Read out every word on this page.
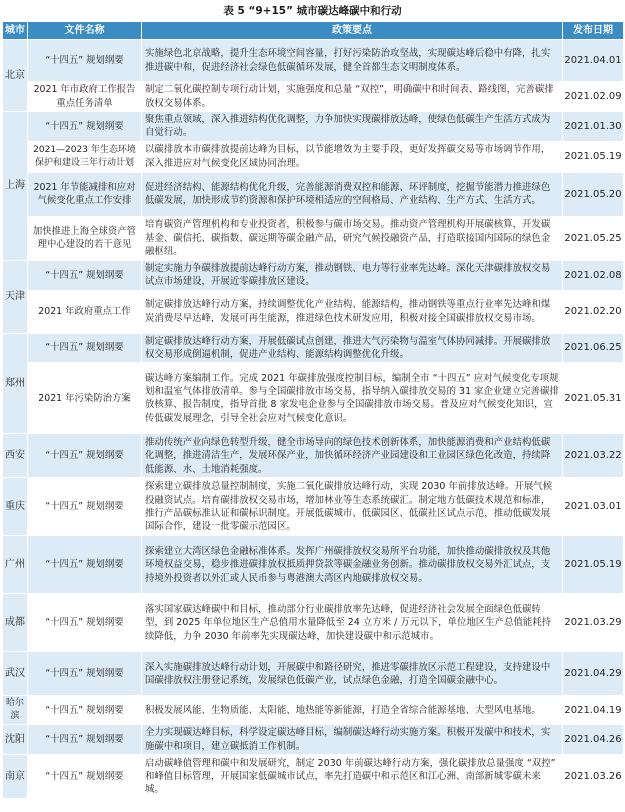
表 5 “9+15” 城市碳达峰碳中和行动
城市	文件名称	政策要点	发布日期
北京	“十四五” 规划纲要	实施绿色北京战略，提升生态环境空间容量，打好污染防治攻坚战，实现碳达峰后稳中有降，扎实推进碳中和，促进经济社会绿色低碳循环发展，健全首都生态文明制度体系。	2021.04.01
	2021 年市政府工作报告重点任务清单	制定二氧化碳控制专项行动计划，实施强度和总量 “双控”，明确碳中和时间表、路线图，完善碳排放权交易体系。	2021.02.09
上海	“十四五” 规划纲要	聚焦重点领域，深入推进结构优化调整，力争加快实现碳排放达峰，使绿色低碳生产生活方式成为自觉行动。	2021.01.30
	2021—2023 年生态环境保护和建设三年行动计划	以碳排放本市碳排放提前达峰为目标，以节能增效为主要手段，更好发挥碳交易等市场调节作用，深入推进应对气候变化区域协同治理。	2021.05.19
	2021 年节能减排和应对气候变化重点工作安排	促进经济结构、能源结构优化升级，完善能源消费双控和能源、环评制度，挖掘节能潜力推进绿色低碳发展，加快形成节约资源和保护环境相适应的空间格局、产业结构、生产方式、生活方式。	2021.05.20
	加快推进上海全球资产管理中心建设的若干意见	培育碳资产管理机构和专业投资者，积极参与碳市场交易。推动资产管理机构开展碳核算，开发碳基金、碳信托、碳指数、碳远期等碳金融产品，研究气候投融资产品，打造联接国内国际的绿色金融枢纽。	2021.05.25
天津	“十四五” 规划纲要	制定实施力争碳排放提前达峰行动方案，推动钢铁、电力等行业率先达峰。深化天津碳排放权交易试点市场建设，开展近零碳排放区建设。	2021.02.08
	2021 年政府重点工作	制定碳排放达峰行动方案，持续调整优化产业结构、能源结构，推动钢铁等重点行业率先达峰和煤炭消费尽早达峰，发展可再生能源，推进绿色技术研发应用，积极对接全国碳排放权交易市场。	2021.02.20
郑州	“十四五” 规划纲要	制定碳排放达峰行动方案，开展低碳试点创建，推进大气污染物与温室气体协同减排。开展碳排放权交易形成倒逼机制，促进产业结构、能源结构调整优化升级。	2021.06.25
	2021 年污染防治方案	碳达峰方案编制工作。完成 2021 年碳排放强度控制目标，编制全市 “十四五” 应对气候变化专项规划和温室气体排放清单。参与全国碳排放市场交易，指导纳入碳排放交易的 31 家企业建立完善碳排放核算、报告制度，指导首批 8 家发电企业参与全国碳排放市场交易。普及应对气候变化知识，宣传低碳发展理念，引导全社会应对气候变化意识。	2021.05.31
西安	“十四五” 规划纲要	推动传统产业向绿色转型升级，健全市场导向的绿色技术创新体系，加快能源消费和产业结构低碳化调整，推进清洁生产，发展环保产业，加快循环经济产业园建设和工业园区绿色化改造，持续降低能源、水、土地消耗强度。	2021.03.22
重庆	“十四五” 规划纲要	探索建立碳排放总量控制制度，实施二氧化碳排放达峰行动，实现 2030 年前排放达峰。开展气候投融资试点。培育碳排放权交易市场，增加林业等生态系统碳汇。制定地方低碳技术规范和标准，推行产品碳标准认证和碳标识制度。开展低碳城市、低碳园区、低碳社区试点示范，推动低碳发展国际合作，建设一批零碳示范园区。	2021.03.01
广州	“十四五” 规划纲要	探索建立大湾区绿色金融标准体系。发挥广州碳排放权交易所平台功能，加快推动碳排放权及其他环境权益交易，稳步推进碳排放权抵质押贷款等碳金融业务创新。推动碳排放权交易外汇试点，支持境外投资者以外汇或人民币参与粤港澳大湾区内地碳排放权交易。	2021.05.19
成都	“十四五” 规划纲要	落实国家碳达峰碳中和目标，推动部分行业碳排放率先达峰，促进经济社会发展全面绿色低碳转型，到 2025 年单位地区生产总值用水量降低至 24 立方米 / 万元以下，单位地区生产总值能耗持续降低，力争 2030 年前率先实现碳达峰，加快建设碳中和示范城市。	2021.03.29
武汉	“十四五” 规划纲要	深入实施碳排放达峰行动计划，开展碳中和路径研究，推进零碳排放区示范工程建设，支持建设中国碳排放权注册登记系统，发展绿色低碳产业，试点绿色金融，打造全国碳金融中心。	2021.04.29
哈尔滨	“十四五” 规划纲要	积极发展风能、生物质能、太阳能、地热能等新能源，打造全省综合能源基地、大型风电基地。	2021.04.19
沈阳	“十四五” 规划纲要	全力实现碳达峰目标，科学设定碳达峰目标，编制碳达峰行动实施方案。积极开发碳中和技术，实施碳中和项目，建立碳抵消工作机制。	2021.04.26
南京	“十四五” 规划纲要	启动碳峰值管理和碳中和发展研究，制定 2030 年前碳达峰行动方案，强化碳排放总量强度 “双控” 和峰值目标管理，开展国家低碳城市试点，率先打造碳中和示范区和江心洲、南部新城零碳未来城。	2021.03.26
